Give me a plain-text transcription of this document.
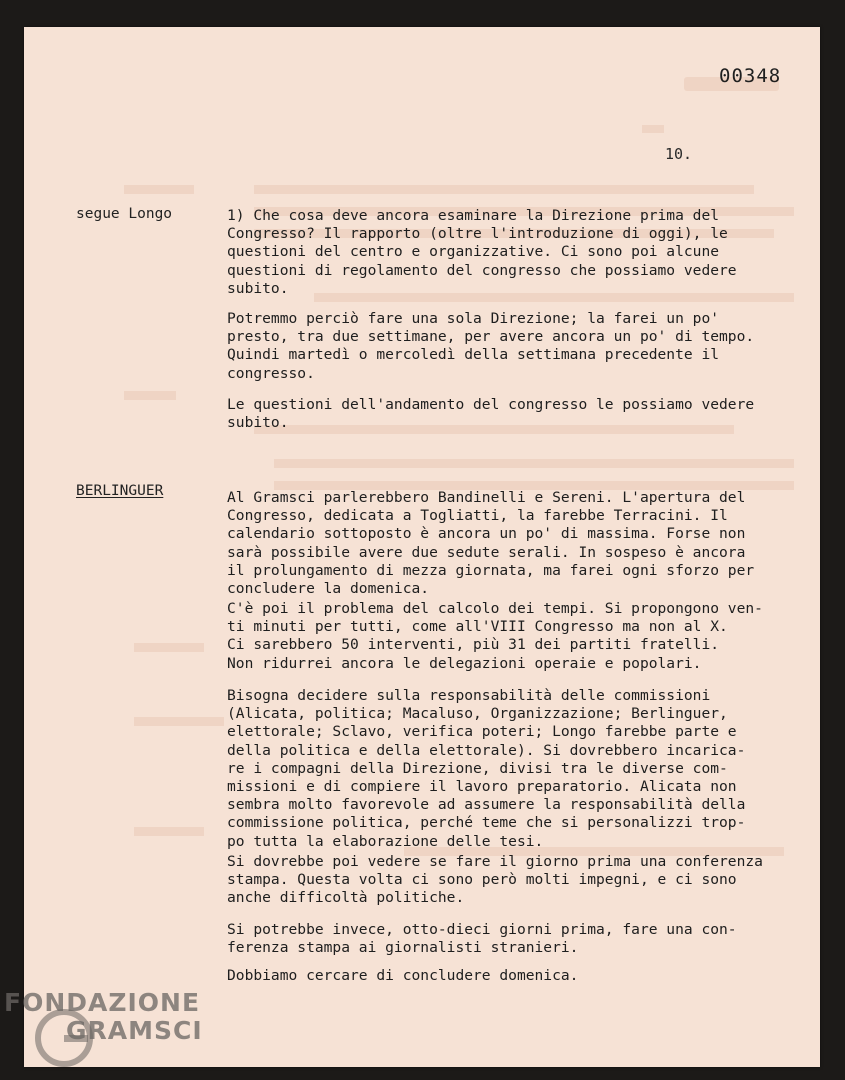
00348
10.
segue Longo	1) Che cosa deve ancora esaminare la Direzione prima del
Congresso? Il rapporto (oltre l'introduzione di oggi), le
questioni del centro e organizzative. Ci sono poi alcune
questioni di regolamento del congresso che possiamo vedere
subito.
Potremmo perciò fare una sola Direzione; la farei un po'
presto, tra due settimane, per avere ancora un po' di tempo.
Quindi martedì o mercoledì della settimana precedente il
congresso.
Le questioni dell'andamento del congresso le possiamo vedere
subito.
BERLINGUER	Al Gramsci parlerebbero Bandinelli e Sereni. L'apertura del
Congresso, dedicata a Togliatti, la farebbe Terracini. Il
calendario sottoposto è ancora un po' di massima. Forse non
sarà possibile avere due sedute serali. In sospeso è ancora
il prolungamento di mezza giornata, ma farei ogni sforzo per
concludere la domenica.
C'è poi il problema del calcolo dei tempi. Si propongono ven-
ti minuti per tutti, come all'VIII Congresso ma non al X.
Ci sarebbero 50 interventi, più 31 dei partiti fratelli.
Non ridurrei ancora le delegazioni operaie e popolari.
Bisogna decidere sulla responsabilità delle commissioni
(Alicata, politica; Macaluso, Organizzazione; Berlinguer,
elettorale; Sclavo, verifica poteri; Longo farebbe parte e
della politica e della elettorale). Si dovrebbero incarica-
re i compagni della Direzione, divisi tra le diverse com-
missioni e di compiere il lavoro preparatorio. Alicata non
sembra molto favorevole ad assumere la responsabilità della
commissione politica, perché teme che si personalizzi trop-
po tutta la elaborazione delle tesi.
Si dovrebbe poi vedere se fare il giorno prima una conferenza
stampa. Questa volta ci sono però molti impegni, e ci sono
anche difficoltà politiche.
Si potrebbe invece, otto-dieci giorni prima, fare una con-
ferenza stampa ai giornalisti stranieri.
Dobbiamo cercare di concludere domenica.
FONDAZIONE
GRAMSCI
